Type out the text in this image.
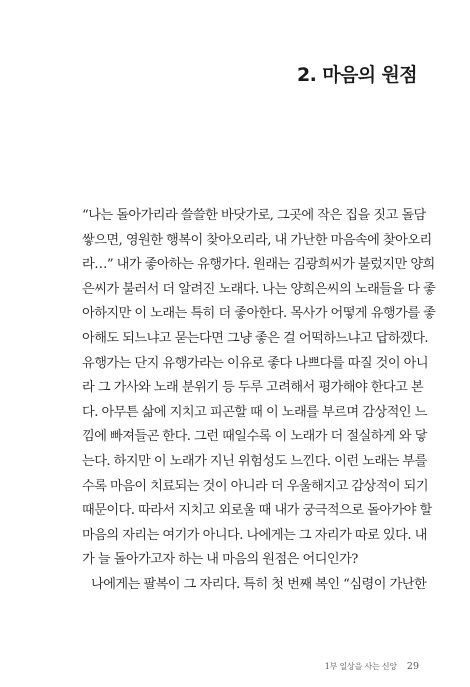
2. 마음의 원점
“나는 돌아가리라 쓸쓸한 바닷가로, 그곳에 작은 집을 짓고 돌담
쌓으면, 영원한 행복이 찾아오리라, 내 가난한 마음속에 찾아오리
라…” 내가 좋아하는 유행가다. 원래는 김광희씨가 불렀지만 양희
은씨가 불러서 더 알려진 노래다. 나는 양희은씨의 노래들을 다 좋
아하지만 이 노래는 특히 더 좋아한다. 목사가 어떻게 유행가를 좋
아해도 되느냐고 묻는다면 그냥 좋은 걸 어떡하느냐고 답하겠다.
유행가는 단지 유행가라는 이유로 좋다 나쁘다를 따질 것이 아니
라 그 가사와 노래 분위기 등 두루 고려해서 평가해야 한다고 본
다. 아무튼 삶에 지치고 피곤할 때 이 노래를 부르며 감상적인 느
낌에 빠져들곤 한다. 그런 때일수록 이 노래가 더 절실하게 와 닿
는다. 하지만 이 노래가 지닌 위험성도 느낀다. 이런 노래는 부를
수록 마음이 치료되는 것이 아니라 더 우울해지고 감상적이 되기
때문이다. 따라서 지치고 외로울 때 내가 궁극적으로 돌아가야 할
마음의 자리는 여기가 아니다. 나에게는 그 자리가 따로 있다. 내
가 늘 돌아가고자 하는 내 마음의 원점은 어디인가?
나에게는 팔복이 그 자리다. 특히 첫 번째 복인 “심령이 가난한
1부 일상을 사는 신앙 29
